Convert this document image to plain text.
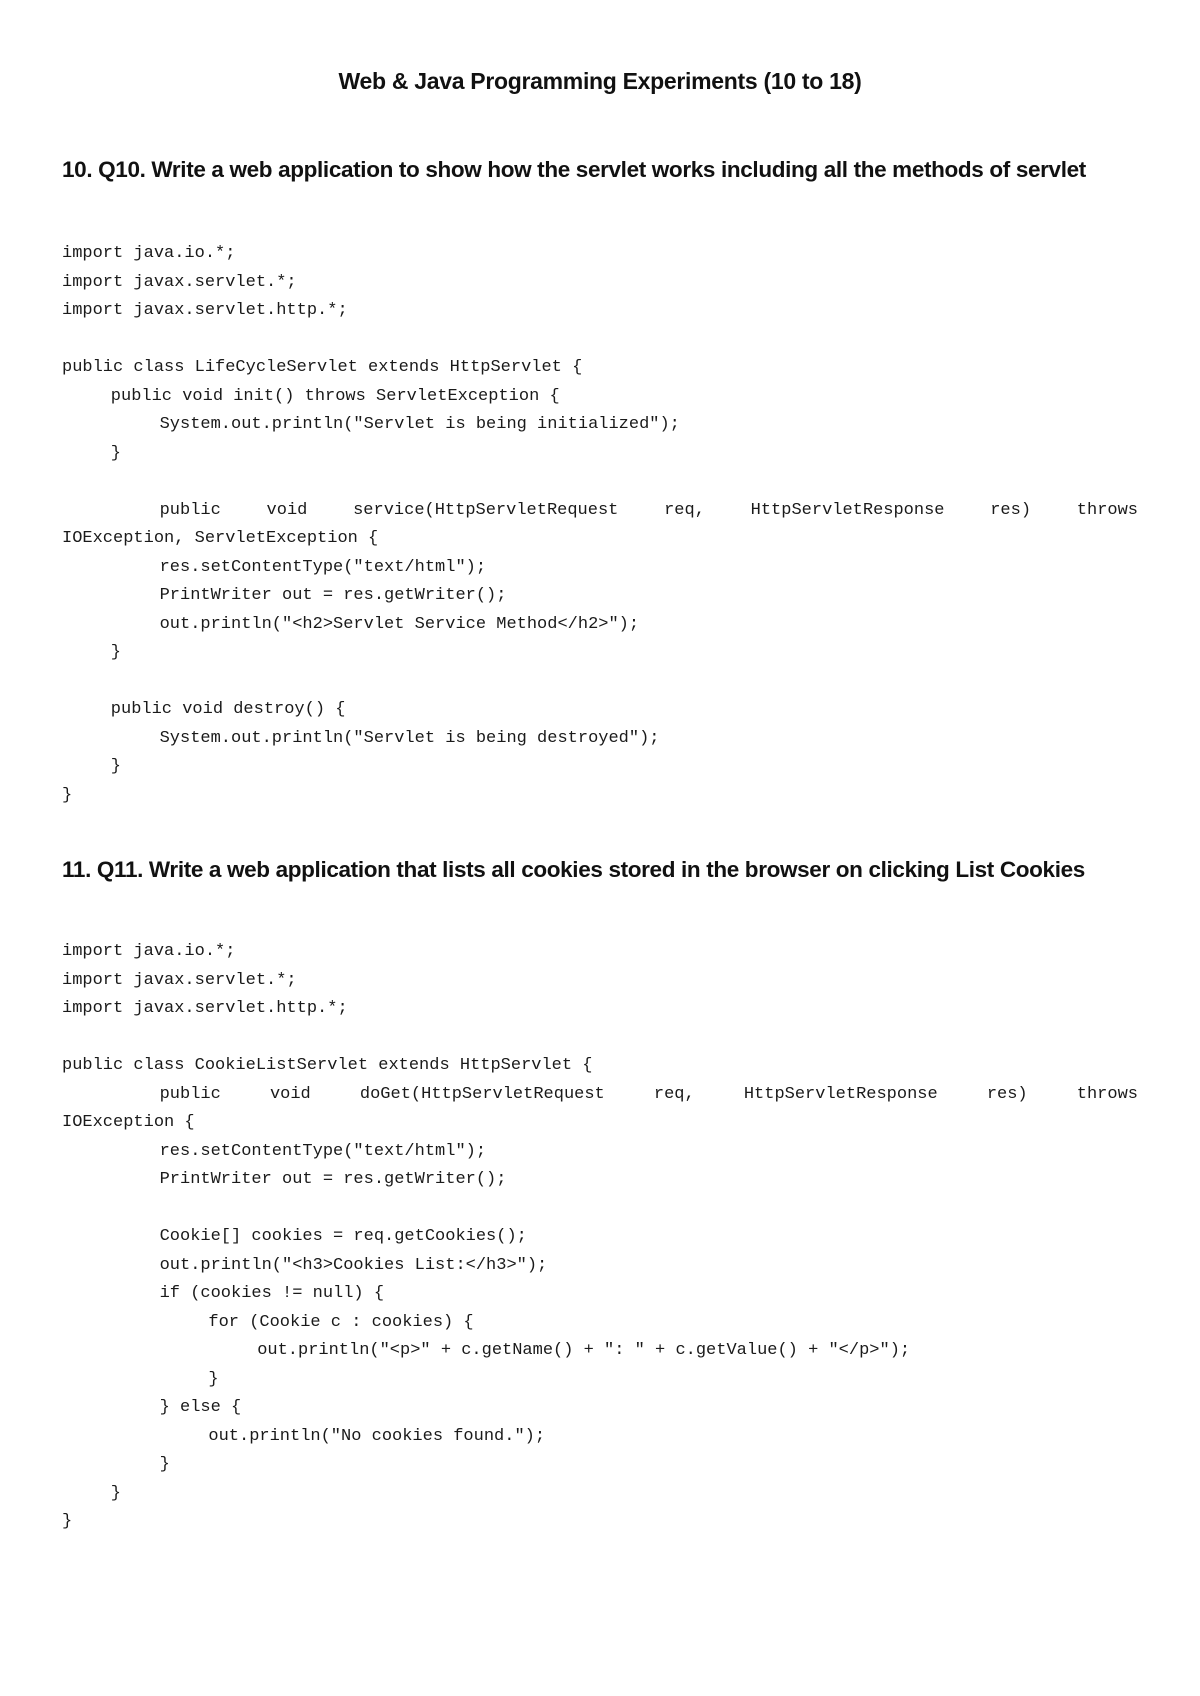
Web & Java Programming Experiments (10 to 18)
10. Q10. Write a web application to show how the servlet works including all the methods of servlet
import java.io.*;
import javax.servlet.*;
import javax.servlet.http.*;
public class LifeCycleServlet extends HttpServlet {
public void init() throws ServletException {
System.out.println("Servlet is being initialized");
}
public void service(HttpServletRequest req, HttpServletResponse res) throws
IOException, ServletException {
res.setContentType("text/html");
PrintWriter out = res.getWriter();
out.println("<h2>Servlet Service Method</h2>");
}
public void destroy() {
System.out.println("Servlet is being destroyed");
}
}
11. Q11. Write a web application that lists all cookies stored in the browser on clicking List Cookies
import java.io.*;
import javax.servlet.*;
import javax.servlet.http.*;
public class CookieListServlet extends HttpServlet {
public void doGet(HttpServletRequest req, HttpServletResponse res) throws
IOException {
res.setContentType("text/html");
PrintWriter out = res.getWriter();
Cookie[] cookies = req.getCookies();
out.println("<h3>Cookies List:</h3>");
if (cookies != null) {
for (Cookie c : cookies) {
out.println("<p>" + c.getName() + ": " + c.getValue() + "</p>");
}
} else {
out.println("No cookies found.");
}
}
}
